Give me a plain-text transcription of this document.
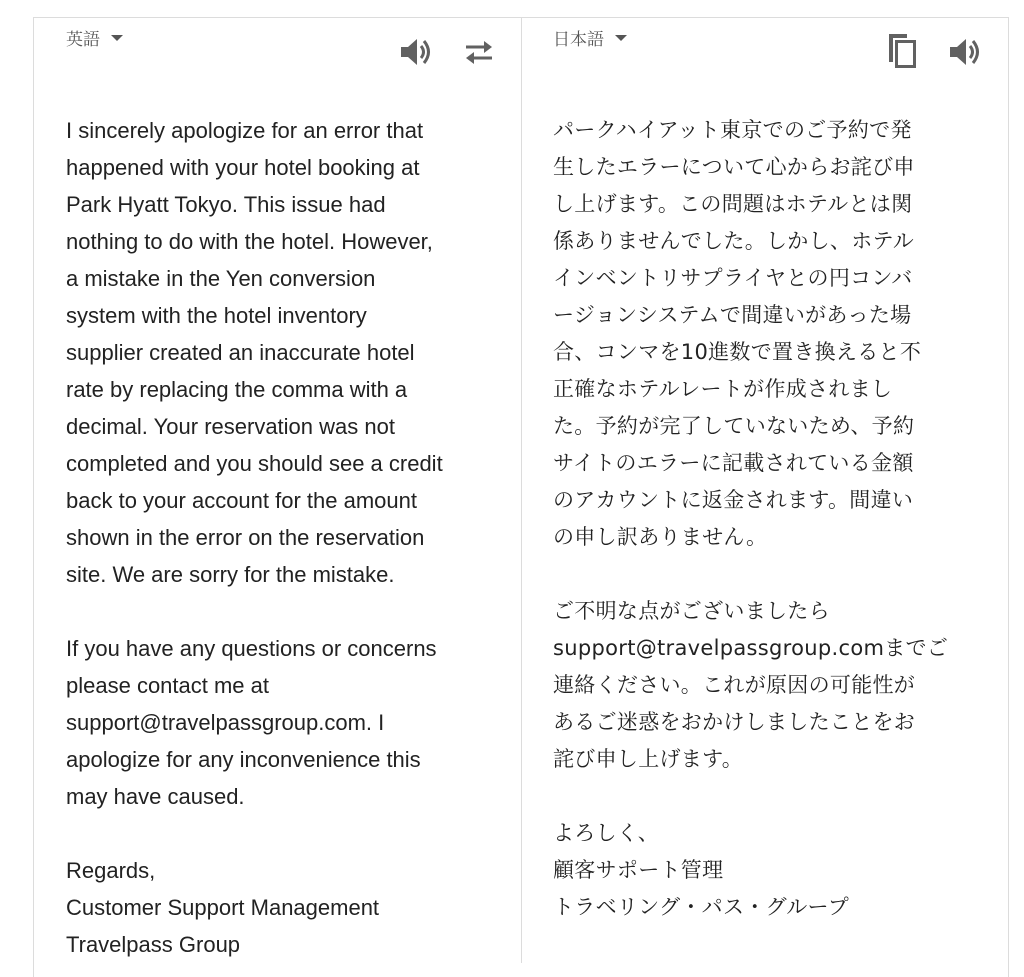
英語	日本語

I sincerely apologize for an error that
happened with your hotel booking at
Park Hyatt Tokyo. This issue had
nothing to do with the hotel. However,
a mistake in the Yen conversion
system with the hotel inventory
supplier created an inaccurate hotel
rate by replacing the comma with a
decimal. Your reservation was not
completed and you should see a credit
back to your account for the amount
shown in the error on the reservation
site. We are sorry for the mistake.

If you have any questions or concerns
please contact me at
support@travelpassgroup.com. I
apologize for any inconvenience this
may have caused.

Regards,
Customer Support Management
Travelpass Group

パークハイアット東京でのご予約で発
生したエラーについて心からお詫び申
し上げます。この問題はホテルとは関
係ありませんでした。しかし、ホテル
インベントリサプライヤとの円コンバ
ージョンシステムで間違いがあった場
合、コンマを10進数で置き換えると不
正確なホテルレートが作成されまし
た。予約が完了していないため、予約
サイトのエラーに記載されている金額
のアカウントに返金されます。間違い
の申し訳ありません。

ご不明な点がございましたら
support@travelpassgroup.comまでご
連絡ください。これが原因の可能性が
あるご迷惑をおかけしましたことをお
詫び申し上げます。

よろしく、
顧客サポート管理
トラベリング・パス・グループ
